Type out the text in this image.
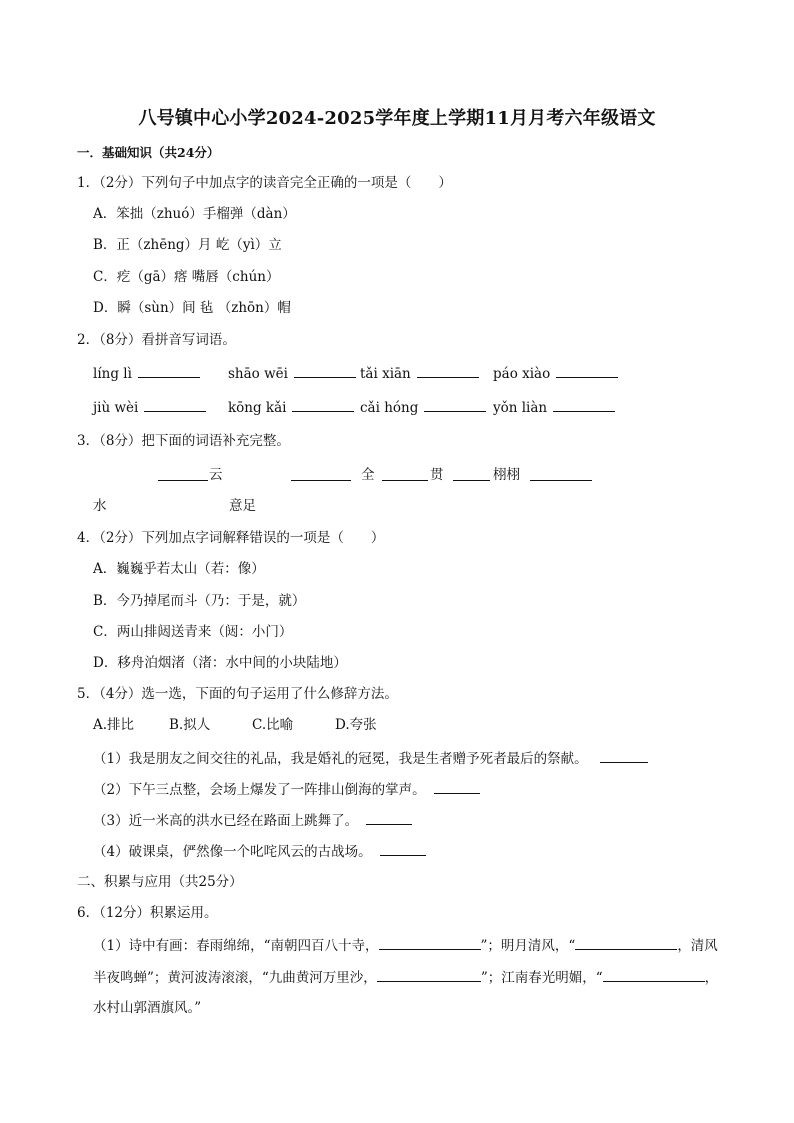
八号镇中心小学2024-2025学年度上学期11月月考六年级语文
一．基础知识（共24分）
1．（2分）下列句子中加点字的读音完全正确的一项是（　　）
A．笨拙（zhuó）手榴弹（dàn）
B．正（zhēng）月 屹（yì）立
C．疙（gā）瘩 嘴唇（chún）
D．瞬（sùn）间 毡 （zhōn）帽
2．（8分）看拼音写词语。
líng lì	shāo wēi	tǎi xiān	páo xiào
jiù wèi	kōng kǎi	cǎi hóng	yǒn liàn
3．（8分）把下面的词语补充完整。
云	全	贯	栩栩
水	意足
4．（2分）下列加点字词解释错误的一项是（　　）
A．巍巍乎若太山（若：像）
B．今乃掉尾而斗（乃：于是，就）
C．两山排闼送青来（闼：小门）
D．移舟泊烟渚（渚：水中间的小块陆地）
5．（4分）选一选，下面的句子运用了什么修辞方法。
A.排比	B.拟人	C.比喻	D.夸张
（1）我是朋友之间交往的礼品，我是婚礼的冠冕，我是生者赠予死者最后的祭献。
（2）下午三点整，会场上爆发了一阵排山倒海的掌声。
（3）近一米高的洪水已经在路面上跳舞了。
（4）破课桌，俨然像一个叱咤风云的古战场。
二、积累与应用（共25分）
6．（12分）积累运用。
（1）诗中有画：春雨绵绵，“南朝四百八十寺，	”；明月清风，“	，清风
半夜鸣蝉”；黄河波涛滚滚，“九曲黄河万里沙，	”；江南春光明媚，“	，
水村山郭酒旗风。”
